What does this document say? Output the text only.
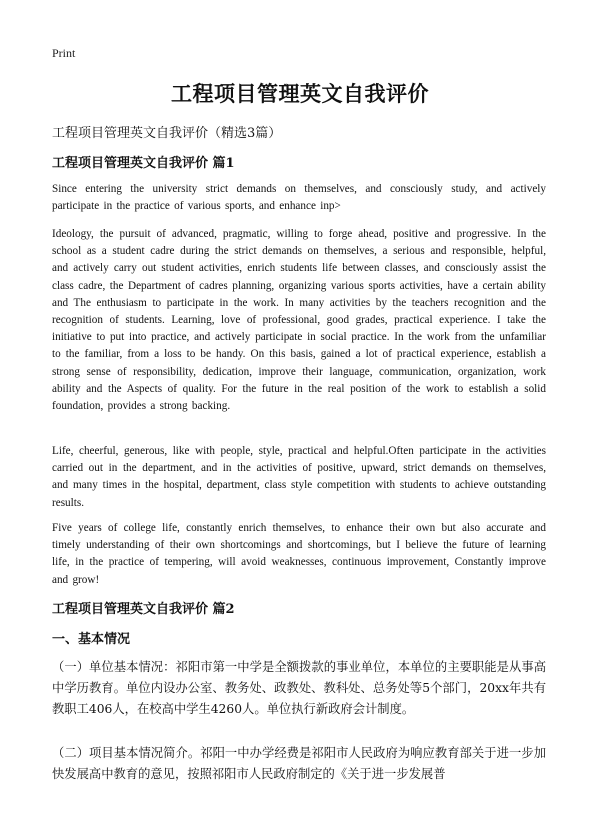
Print
工程项目管理英文自我评价
工程项目管理英文自我评价（精选3篇）
工程项目管理英文自我评价 篇1
Since entering the university strict demands on themselves, and consciously study, and actively participate in the practice of various sports, and enhance inp>
Ideology, the pursuit of advanced, pragmatic, willing to forge ahead, positive and progressive. In the school as a student cadre during the strict demands on themselves, a serious and responsible, helpful, and actively carry out student activities, enrich students life between classes, and consciously assist the class cadre, the Department of cadres planning, organizing various sports activities, have a certain ability and The enthusiasm to participate in the work. In many activities by the teachers recognition and the recognition of students. Learning, love of professional, good grades, practical experience. I take the initiative to put into practice, and actively participate in social practice. In the work from the unfamiliar to the familiar, from a loss to be handy. On this basis, gained a lot of practical experience, establish a strong sense of responsibility, dedication, improve their language, communication, organization, work ability and the Aspects of quality. For the future in the real position of the work to establish a solid foundation, provides a strong backing.
Life, cheerful, generous, like with people, style, practical and helpful.Often participate in the activities carried out in the department, and in the activities of positive, upward, strict demands on themselves, and many times in the hospital, department, class style competition with students to achieve outstanding results.
Five years of college life, constantly enrich themselves, to enhance their own but also accurate and timely understanding of their own shortcomings and shortcomings, but I believe the future of learning life, in the practice of tempering, will avoid weaknesses, continuous improvement, Constantly improve and grow!
工程项目管理英文自我评价 篇2
一、基本情况
（一）单位基本情况：祁阳市第一中学是全额拨款的事业单位，本单位的主要职能是从事高中学历教育。单位内设办公室、教务处、政教处、教科处、总务处等5个部门，20xx年共有教职工406人，在校高中学生4260人。单位执行新政府会计制度。
（二）项目基本情况简介。祁阳一中办学经费是祁阳市人民政府为响应教育部关于进一步加快发展高中教育的意见，按照祁阳市人民政府制定的《关于进一步发展普
